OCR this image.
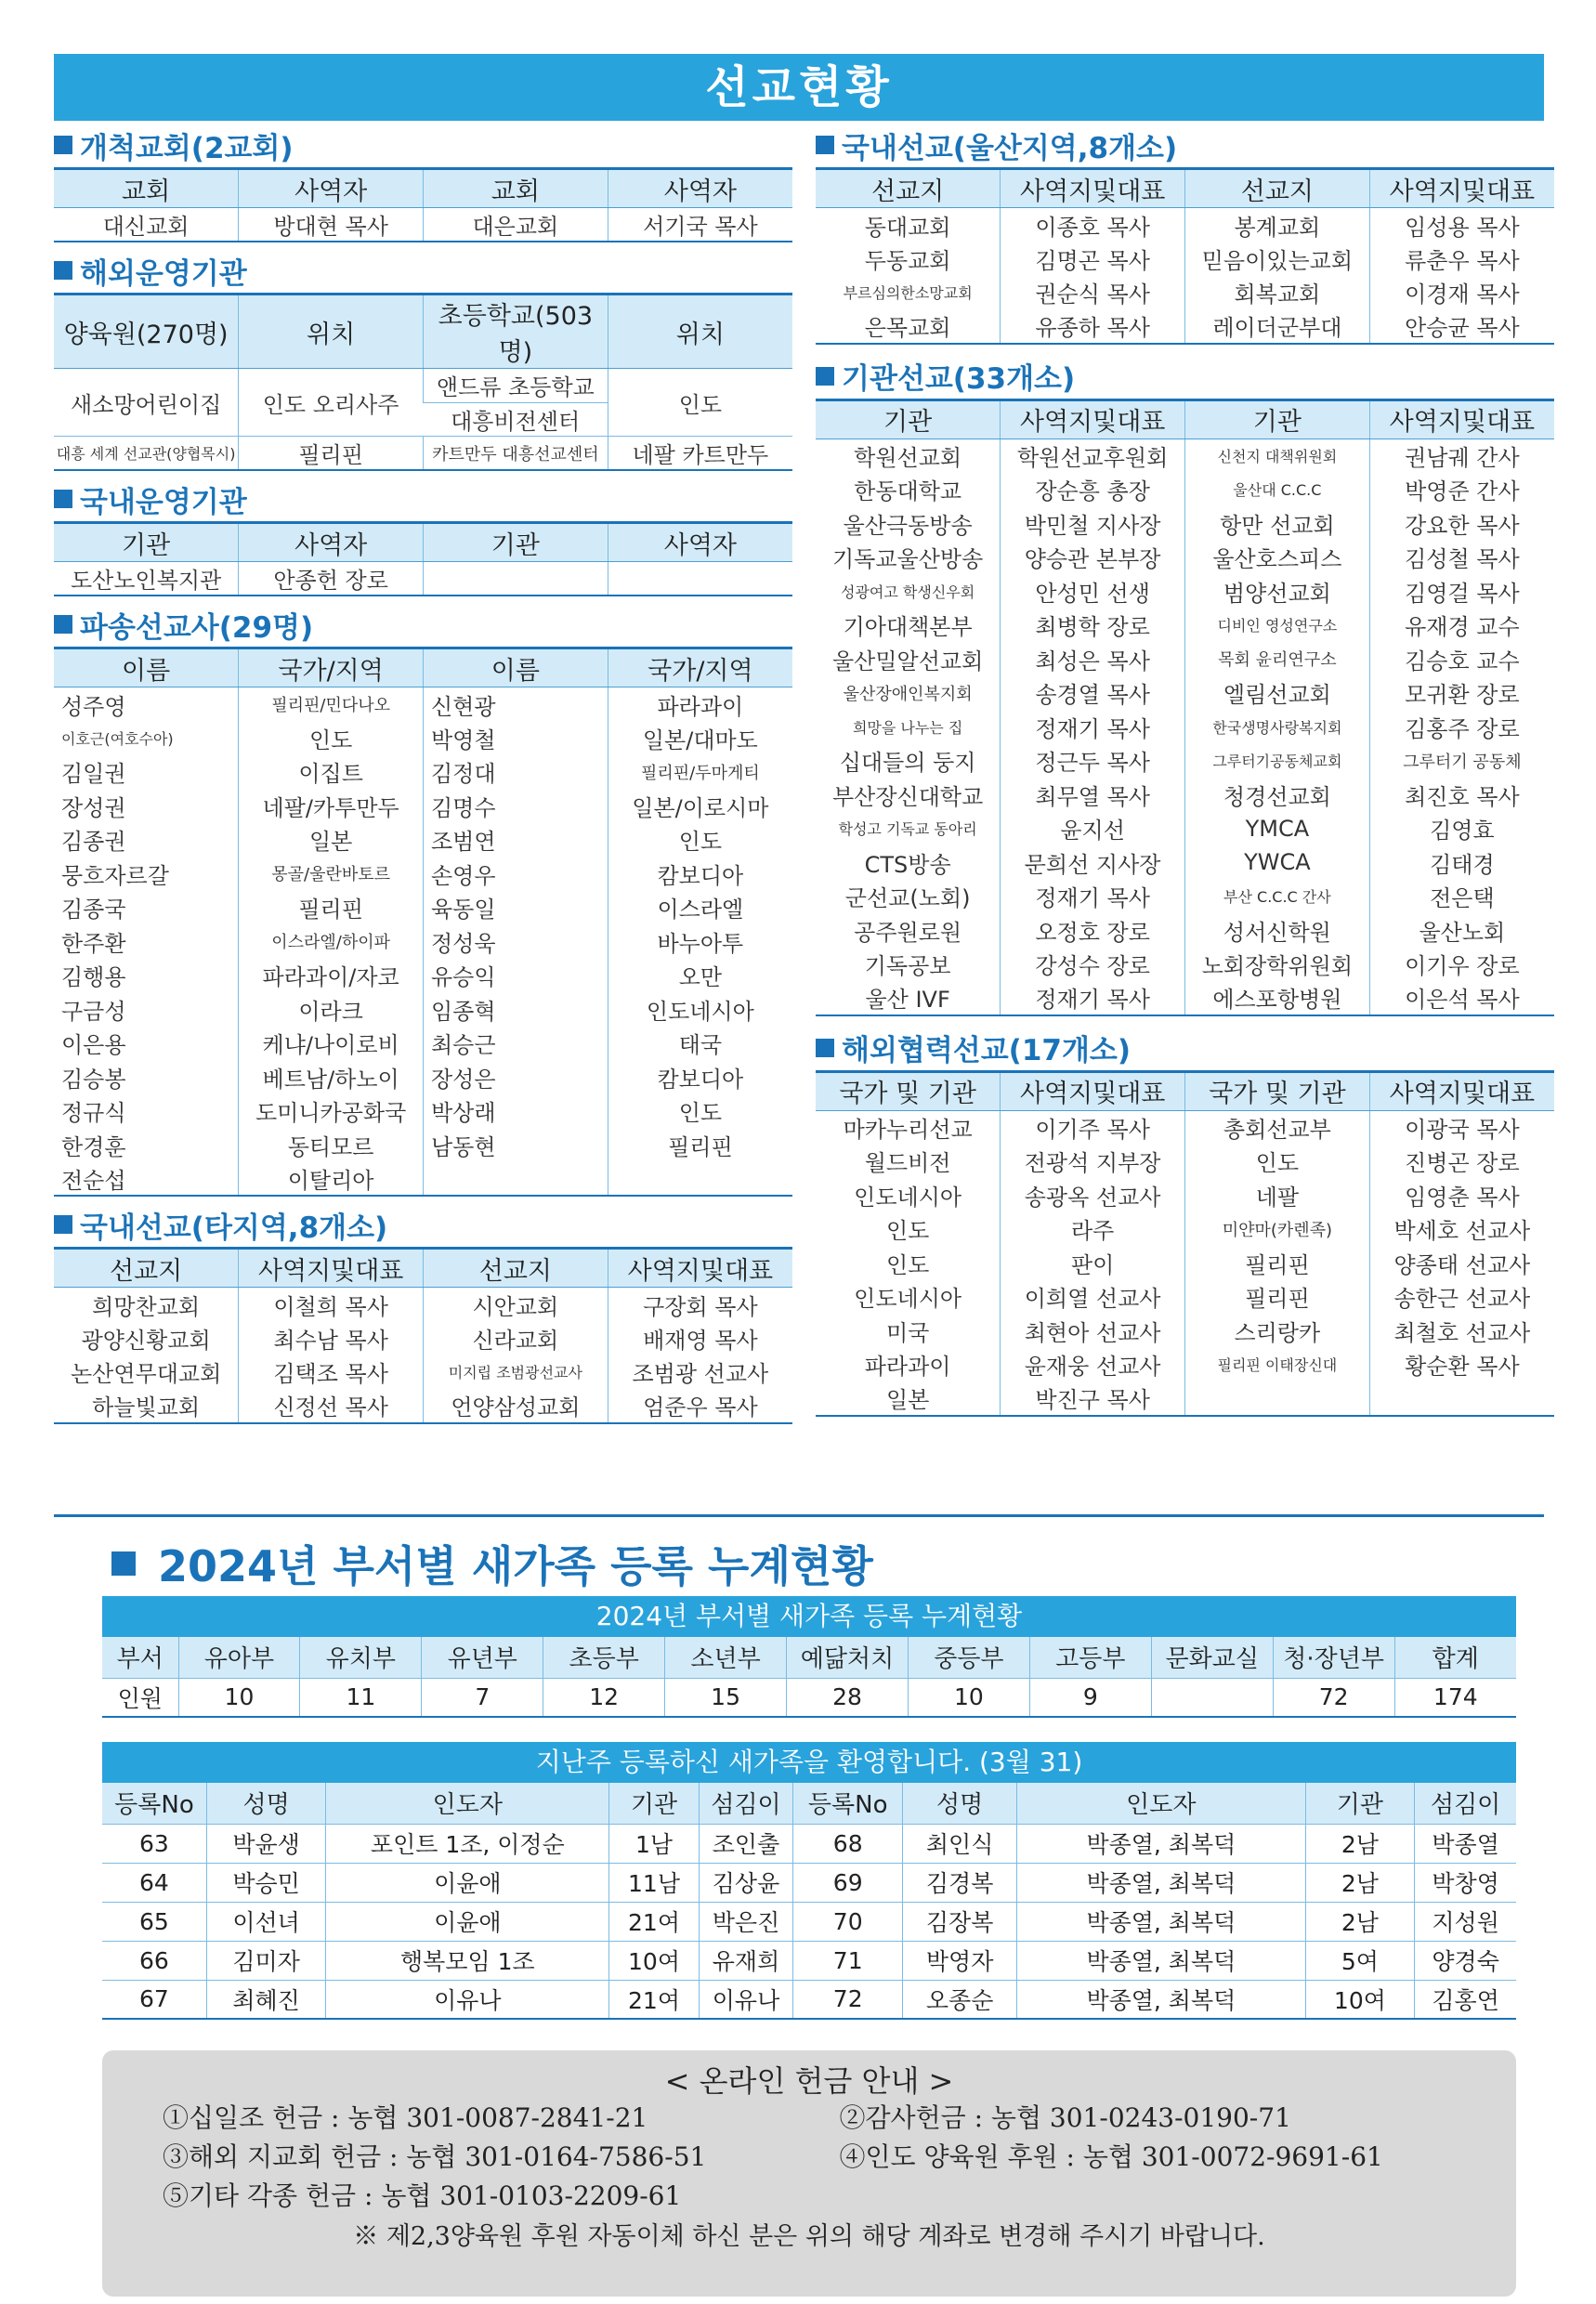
선교현황
개척교회(2교회)
교회	사역자	교회	사역자
대신교회	방대현 목사	대은교회	서기국 목사
해외운영기관
양육원(270명)	위치	초등학교(503명)	위치
새소망어린이집	인도 오리사주	앤드류 초등학교	인도
		대흥비전센터	
대흥 세계 선교관(양협목시)	필리핀	카트만두 대흥선교센터	네팔 카트만두
국내운영기관
기관	사역자	기관	사역자
도산노인복지관	안종헌 장로		
파송선교사(29명)
이름	국가/지역	이름	국가/지역
성주영	필리핀/민다나오	신현광	파라과이
이호근(여호수아)	인도	박영철	일본/대마도
김일권	이집트	김정대	필리핀/두마게티
장성권	네팔/카투만두	김명수	일본/이로시마
김종권	일본	조범연	인도
뭉흐자르갈	몽골/울란바토르	손영우	캄보디아
김종국	필리핀	육동일	이스라엘
한주환	이스라엘/하이파	정성욱	바누아투
김행용	파라과이/자코	유승익	오만
구금성	이라크	임종혁	인도네시아
이은용	케냐/나이로비	최승근	태국
김승봉	베트남/하노이	장성은	캄보디아
정규식	도미니카공화국	박상래	인도
한경훈	동티모르	남동현	필리핀
전순섭	이탈리아		
국내선교(타지역,8개소)
선교지	사역지및대표	선교지	사역지및대표
희망찬교회	이철희 목사	시안교회	구장회 목사
광양신황교회	최수남 목사	신라교회	배재영 목사
논산연무대교회	김택조 목사	미지립 조범광선교사	조범광 선교사
하늘빛교회	신정선 목사	언양삼성교회	엄준우 목사
국내선교(울산지역,8개소)
선교지	사역지및대표	선교지	사역지및대표
동대교회	이종호 목사	봉계교회	임성용 목사
두동교회	김명곤 목사	믿음이있는교회	류춘우 목사
부르심의한소망교회	권순식 목사	회복교회	이경재 목사
은목교회	유종하 목사	레이더군부대	안승균 목사
기관선교(33개소)
기관	사역지및대표	기관	사역지및대표
학원선교회	학원선교후원회	신천지 대책위원회	권남궤 간사
한동대학교	장순흥 총장	울산대 C.C.C	박영준 간사
울산극동방송	박민철 지사장	항만 선교회	강요한 목사
기독교울산방송	양승관 본부장	울산호스피스	김성철 목사
성광여고 학생신우회	안성민 선생	범양선교회	김영걸 목사
기아대책본부	최병학 장로	디비인 영성연구소	유재경 교수
울산밀알선교회	최성은 목사	목회 윤리연구소	김승호 교수
울산장애인복지회	송경열 목사	엘림선교회	모귀환 장로
희망을 나누는 집	정재기 목사	한국생명사랑복지회	김홍주 장로
십대들의 둥지	정근두 목사	그루터기공동체교회	그루터기 공동체
부산장신대학교	최무열 목사	청경선교회	최진호 목사
학성고 기독교 동아리	윤지선	YMCA	김영효
CTS방송	문희선 지사장	YWCA	김태경
군선교(노회)	정재기 목사	부산 C.C.C 간사	전은택
공주원로원	오정호 장로	성서신학원	울산노회
기독공보	강성수 장로	노회장학위원회	이기우 장로
울산 IVF	정재기 목사	에스포항병원	이은석 목사
해외협력선교(17개소)
국가 및 기관	사역지및대표	국가 및 기관	사역지및대표
마카누리선교	이기주 목사	총회선교부	이광국 목사
월드비전	전광석 지부장	인도	진병곤 장로
인도네시아	송광옥 선교사	네팔	임영춘 목사
인도	라주	미얀마(카렌족)	박세호 선교사
인도	판이	필리핀	양종태 선교사
인도네시아	이희열 선교사	필리핀	송한근 선교사
미국	최현아 선교사	스리랑카	최철호 선교사
파라과이	윤재웅 선교사	필리핀 이태장신대	황순환 목사
일본	박진구 목사		
2024년 부서별 새가족 등록 누계현황
2024년 부서별 새가족 등록 누계현황
부서	유아부	유치부	유년부	초등부	소년부	예닮처치	중등부	고등부	문화교실	청·장년부	합계
인원	10	11	7	12	15	28	10	9		72	174
지난주 등록하신 새가족을 환영합니다. (3월 31)
등록No	성명	인도자	기관	섬김이	등록No	성명	인도자	기관	섬김이
63	박윤생	포인트 1조, 이정순	1남	조인출	68	최인식	박종열, 최복덕	2남	박종열
64	박승민	이윤애	11남	김상윤	69	김경복	박종열, 최복덕	2남	박창영
65	이선녀	이윤애	21여	박은진	70	김장복	박종열, 최복덕	2남	지성원
66	김미자	행복모임 1조	10여	유재희	71	박영자	박종열, 최복덕	5여	양경숙
67	최혜진	이유나	21여	이유나	72	오종순	박종열, 최복덕	10여	김홍연
< 온라인 헌금 안내 >
①십일조 헌금 : 농협 301-0087-2841-21	②감사헌금 : 농협 301-0243-0190-71
③해외 지교회 헌금 : 농협 301-0164-7586-51	④인도 양육원 후원 : 농협 301-0072-9691-61
⑤기타 각종 헌금 : 농협 301-0103-2209-61
※ 제2,3양육원 후원 자동이체 하신 분은 위의 해당 계좌로 변경해 주시기 바랍니다.
